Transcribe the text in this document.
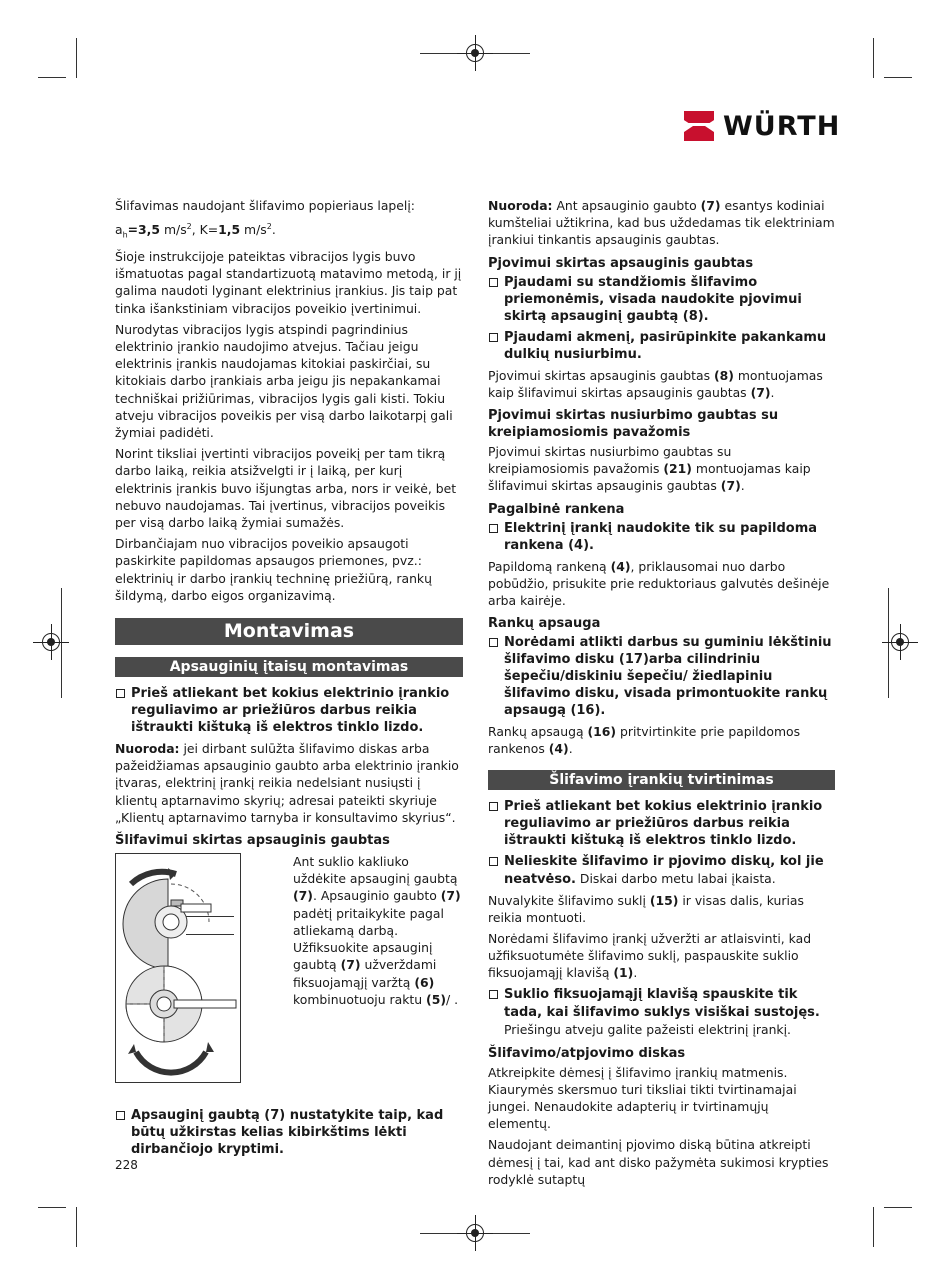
WÜRTH

Šlifavimas naudojant šlifavimo popieriaus lapelį:

$a_h=3,5$ $m/s^2$, K=1,5 $m/s^2$.

Šioje instrukcijoje pateiktas vibracijos lygis buvo išmatuotas pagal standartizuotą matavimo metodą, ir jį galima naudoti lyginant elektrinius įrankius. Jis taip pat tinka išankstiniam vibracijos poveikio įvertinimui.

Nurodytas vibracijos lygis atspindi pagrindinius elektrinio įrankio naudojimo atvejus. Tačiau jeigu elektrinis įrankis naudojamas kitokiai paskirčiai, su kitokiais darbo įrankiais arba jeigu jis nepakankamai techniškai prižiūrimas, vibracijos lygis gali kisti. Tokiu atveju vibracijos poveikis per visą darbo laikotarpį gali žymiai padidėti.

Norint tiksliai įvertinti vibracijos poveikį per tam tikrą darbo laiką, reikia atsižvelgti ir į laiką, per kurį elektrinis įrankis buvo išjungtas arba, nors ir veikė, bet nebuvo naudojamas. Tai įvertinus, vibracijos poveikis per visą darbo laiką žymiai sumažės.

Dirbančiajam nuo vibracijos poveikio apsaugoti paskirkite papildomas apsaugos priemones, pvz.: elektrinių ir darbo įrankių techninę priežiūrą, rankų šildymą, darbo eigos organizavimą.

Montavimas
Apsauginių įtaisų montavimas
Prieš atliekant bet kokius elektrinio įrankio reguliavimo ar priežiūros darbus reikia ištraukti kištuką iš elektros tinklo lizdo.

Nuoroda: jei dirbant sulūžta šlifavimo diskas arba pažeidžiamas apsauginio gaubto arba elektrinio įrankio įtvaras, elektrinį įrankį reikia nedelsiant nusiųsti į klientų aptarnavimo skyrių; adresai pateikti skyriuje „Klientų aptarnavimo tarnyba ir konsultavimo skyrius“.

Šlifavimui skirtas apsauginis gaubtas

Ant suklio kakliuko uždėkite apsauginį gaubtą (7). Apsauginio gaubto (7) padėtį pritaikykite pagal atliekamą darbą. Užfiksuokite apsauginį gaubtą (7) užverždami fiksuojamąjį varžtą (6) kombinuotuoju raktu (5)/ .

Apsauginį gaubtą (7) nustatykite taip, kad būtų užkirstas kelias kibirkštims lėkti dirbančiojo kryptimi.

Nuoroda: Ant apsauginio gaubto (7) esantys kodiniai kumšteliai užtikrina, kad bus uždedamas tik elektriniam įrankiui tinkantis apsauginis gaubtas.

Pjovimui skirtas apsauginis gaubtas
Pjaudami su standžiomis šlifavimo priemonėmis, visada naudokite pjovimui skirtą apsauginį gaubtą (8).
Pjaudami akmenį, pasirūpinkite pakankamu dulkių nusiurbimu.

Pjovimui skirtas apsauginis gaubtas (8) montuojamas kaip šlifavimui skirtas apsauginis gaubtas (7).

Pjovimui skirtas nusiurbimo gaubtas su kreipiamosiomis pavažomis

Pjovimui skirtas nusiurbimo gaubtas su kreipiamosiomis pavažomis (21) montuojamas kaip šlifavimui skirtas apsauginis gaubtas (7).

Pagalbinė rankena
Elektrinį įrankį naudokite tik su papildoma rankena (4).

Papildomą rankeną (4), priklausomai nuo darbo pobūdžio, prisukite prie reduktoriaus galvutės dešinėje arba kairėje.

Rankų apsauga
Norėdami atlikti darbus su guminiu lėkštiniu šlifavimo disku (17)arba cilindriniu šepečiu/diskiniu šepečiu/ žiedlapiniu šlifavimo disku, visada primontuokite rankų apsaugą (16).

Rankų apsaugą (16) pritvirtinkite prie papildomos rankenos (4).

Šlifavimo įrankių tvirtinimas
Prieš atliekant bet kokius elektrinio įrankio reguliavimo ar priežiūros darbus reikia ištraukti kištuką iš elektros tinklo lizdo.
Nelieskite šlifavimo ir pjovimo diskų, kol jie neatvėso. Diskai darbo metu labai įkaista.

Nuvalykite šlifavimo suklį (15) ir visas dalis, kurias reikia montuoti.

Norėdami šlifavimo įrankį užveržti ar atlaisvinti, kad užfiksuotumėte šlifavimo suklį, paspauskite suklio fiksuojamąjį klavišą (1).

Suklio fiksuojamąjį klavišą spauskite tik tada, kai šlifavimo suklys visiškai sustojęs. Priešingu atveju galite pažeisti elektrinį įrankį.
Šlifavimo/atpjovimo diskas

Atkreipkite dėmesį į šlifavimo įrankių matmenis. Kiaurymės skersmuo turi tiksliai tikti tvirtinamajai jungei. Nenaudokite adapterių ir tvirtinamųjų elementų.

Naudojant deimantinį pjovimo diską būtina atkreipti dėmesį į tai, kad ant disko pažymėta sukimosi krypties rodyklė sutaptų

228
